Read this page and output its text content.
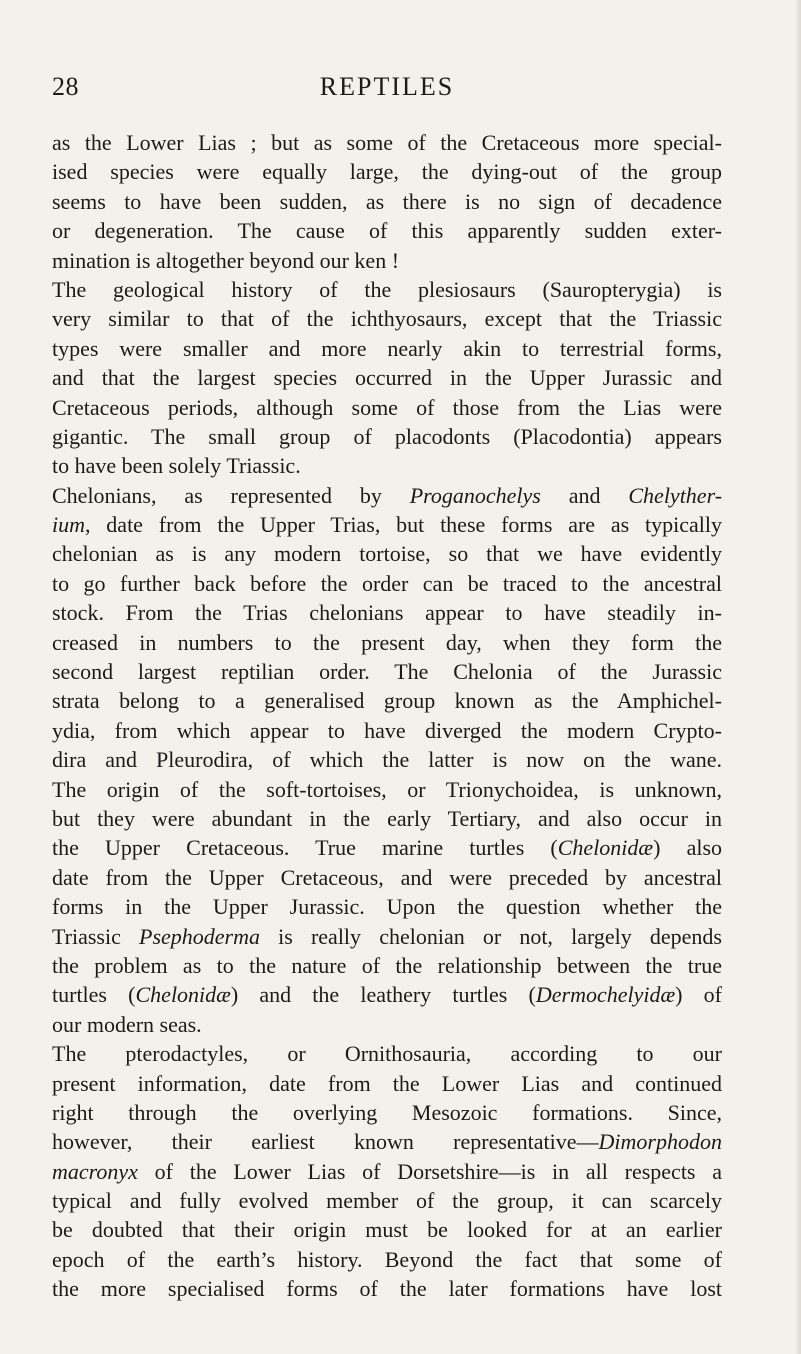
28	REPTILES
as the Lower Lias ; but as some of the Cretaceous more special-
ised species were equally large, the dying-out of the group
seems to have been sudden, as there is no sign of decadence
or degeneration. The cause of this apparently sudden exter-
mination is altogether beyond our ken !
The geological history of the plesiosaurs (Sauropterygia) is
very similar to that of the ichthyosaurs, except that the Triassic
types were smaller and more nearly akin to terrestrial forms,
and that the largest species occurred in the Upper Jurassic and
Cretaceous periods, although some of those from the Lias were
gigantic. The small group of placodonts (Placodontia) appears
to have been solely Triassic.
Chelonians, as represented by Proganochelys and Chelyther-
ium, date from the Upper Trias, but these forms are as typically
chelonian as is any modern tortoise, so that we have evidently
to go further back before the order can be traced to the ancestral
stock. From the Trias chelonians appear to have steadily in-
creased in numbers to the present day, when they form the
second largest reptilian order. The Chelonia of the Jurassic
strata belong to a generalised group known as the Amphichel-
ydia, from which appear to have diverged the modern Crypto-
dira and Pleurodira, of which the latter is now on the wane.
The origin of the soft-tortoises, or Trionychoidea, is unknown,
but they were abundant in the early Tertiary, and also occur in
the Upper Cretaceous. True marine turtles (Chelonidæ) also
date from the Upper Cretaceous, and were preceded by ancestral
forms in the Upper Jurassic. Upon the question whether the
Triassic Psephoderma is really chelonian or not, largely depends
the problem as to the nature of the relationship between the true
turtles (Chelonidæ) and the leathery turtles (Dermochelyidæ) of
our modern seas.
The pterodactyles, or Ornithosauria, according to our
present information, date from the Lower Lias and continued
right through the overlying Mesozoic formations. Since,
however, their earliest known representative—Dimorphodon
macronyx of the Lower Lias of Dorsetshire—is in all respects a
typical and fully evolved member of the group, it can scarcely
be doubted that their origin must be looked for at an earlier
epoch of the earth’s history. Beyond the fact that some of
the more specialised forms of the later formations have lost
